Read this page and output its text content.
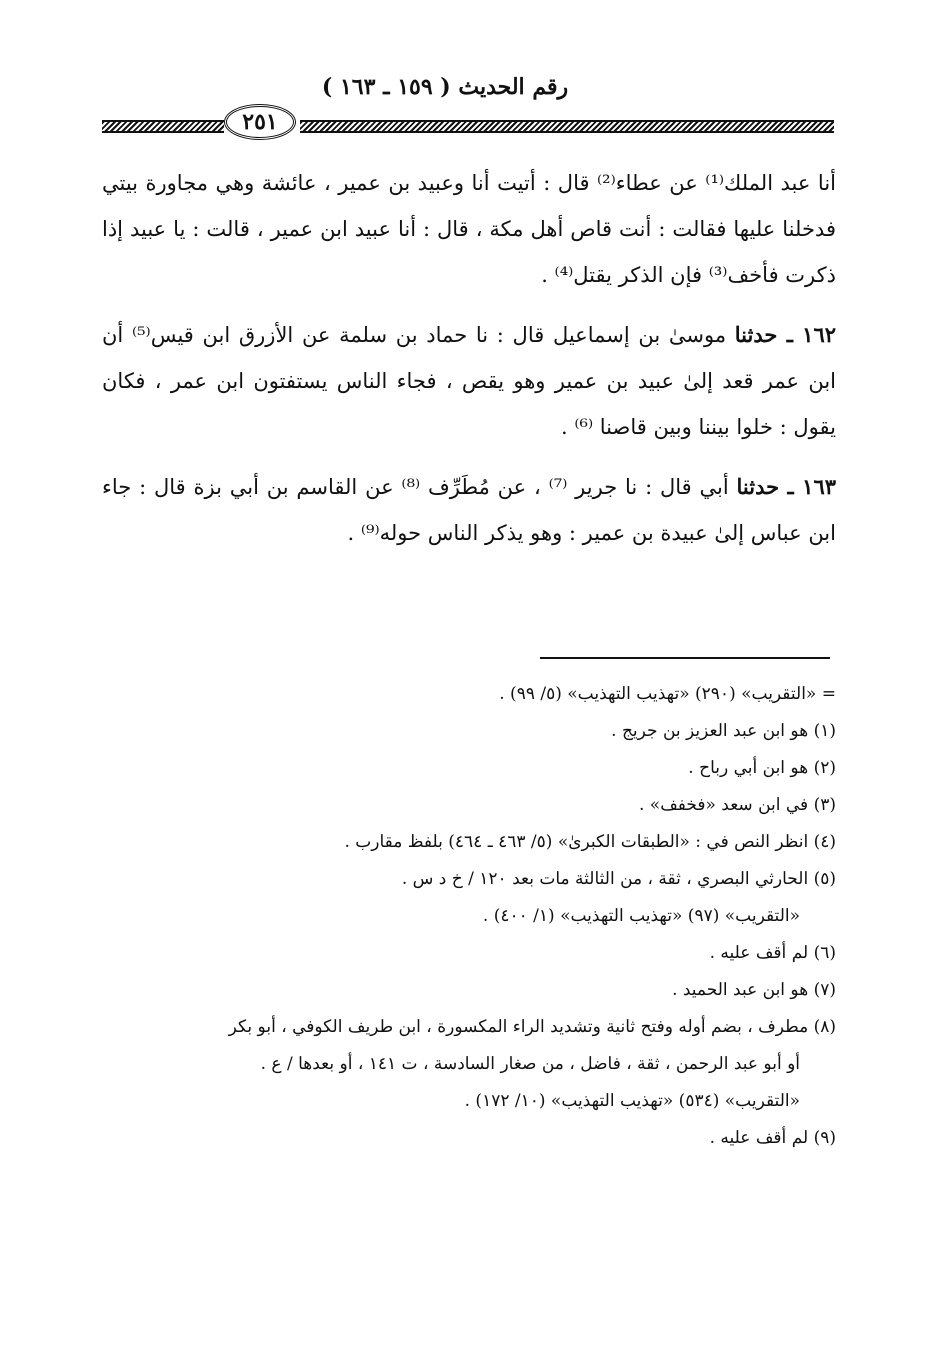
رقم الحديث ( ١٥٩ ـ ١٦٣ )
٢٥١

أنا عبد الملك⁽¹⁾ عن عطاء⁽²⁾ قال : أتيت أنا وعبيد بن عمير ، عائشة وهي مجاورة بيتي فدخلنا عليها فقالت : أنت قاص أهل مكة ، قال : أنا عبيد ابن عمير ، قالت : يا عبيد إذا ذكرت فأخف⁽³⁾ فإن الذكر يقتل⁽⁴⁾ .

١٦٢ ـ حدثنا موسىٰ بن إسماعيل قال : نا حماد بن سلمة عن الأزرق ابن قيس⁽⁵⁾ أن ابن عمر قعد إلىٰ عبيد بن عمير وهو يقص ، فجاء الناس يستفتون ابن عمر ، فكان يقول : خلوا بيننا وبين قاصنا ⁽⁶⁾ .

١٦٣ ـ حدثنا أبي قال : نا جرير ⁽⁷⁾ ، عن مُطَرِّف ⁽⁸⁾ عن القاسم بن أبي بزة قال : جاء ابن عباس إلىٰ عبيدة بن عمير : وهو يذكر الناس حوله⁽⁹⁾ .

= «التقريب» (٢٩٠) «تهذيب التهذيب» (٥/ ٩٩) .
(١) هو ابن عبد العزيز بن جريج .
(٢) هو ابن أبي رباح .
(٣) في ابن سعد «فخفف» .
(٤) انظر النص في : «الطبقات الكبرىٰ» (٥/ ٤٦٣ ـ ٤٦٤) بلفظ مقارب .
(٥) الحارثي البصري ، ثقة ، من الثالثة مات بعد ١٢٠ / خ د س .
«التقريب» (٩٧) «تهذيب التهذيب» (١/ ٤٠٠) .
(٦) لم أقف عليه .
(٧) هو ابن عبد الحميد .
(٨) مطرف ، بضم أوله وفتح ثانية وتشديد الراء المكسورة ، ابن طريف الكوفي ، أبو بكر
أو أبو عبد الرحمن ، ثقة ، فاضل ، من صغار السادسة ، ت ١٤١ ، أو بعدها / ع .
«التقريب» (٥٣٤) «تهذيب التهذيب» (١٠/ ١٧٢) .
(٩) لم أقف عليه .
